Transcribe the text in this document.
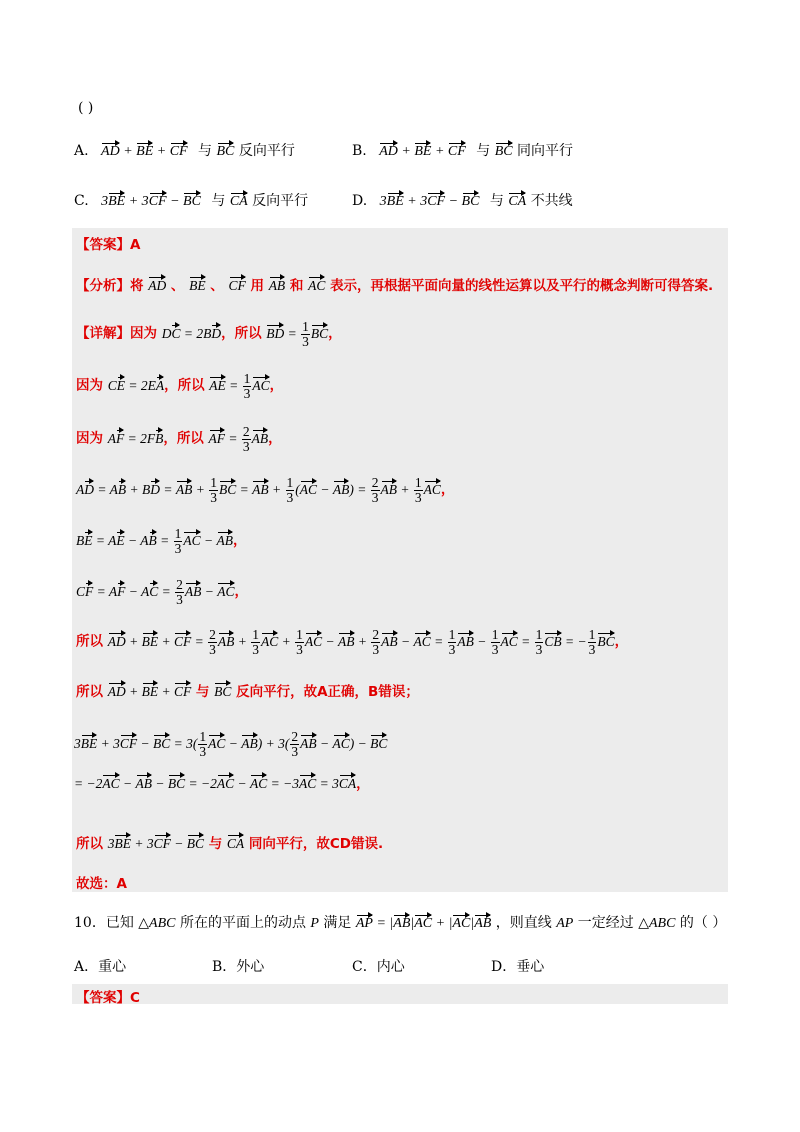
( )
A. AD + BE + CF 与 BC 反向平行	B. AD + BE + CF 与 BC 同向平行
C. 3BE + 3CF − BC 与 CA 反向平行	D. 3BE + 3CF − BC 与 CA 不共线
【答案】A
【分析】将 AD 、 BE 、 CF 用 AB 和 AC 表示，再根据平面向量的线性运算以及平行的概念判断可得答案.
【详解】因为 DC = 2BD，所以 BD = $\frac{1}{3}$ BC，
因为 CE = 2EA，所以 AE = $\frac{1}{3}$ AC，
因为 AF = 2FB，所以 AF = $\frac{2}{3}$ AB，
AD = AB + BD = AB + $\frac{1}{3}$ BC = AB + $\frac{1}{3} (AC - AB) = \frac{2}{3}$ AB + $\frac{1}{3}$ AC，
BE = AE − AB = $\frac{1}{3}$ AC − AB，
CF = AF − AC = $\frac{2}{3}$ AB − AC，
所以 AD + BE + CF = $\frac{2}{3}$ AB + $\frac{1}{3}$ AC + $\frac{1}{3}$ AC − AB + $\frac{2}{3}$ AB − AC = $\frac{1}{3}$ AB − $\frac{1}{3}$ AC = $\frac{1}{3}$ CB = − $\frac{1}{3}$ BC，
所以 AD + BE + CF 与 BC 反向平行，故A正确，B错误；
3BE + 3CF − BC = $3( \frac{1}{3}$ AC − $AB) + 3( \frac{2}{3}$ AB − AC) − BC
= −2AC − AB − BC = −2AC − AC = −3AC = 3CA，
所以 3BE + 3CF − BC 与 CA 同向平行，故CD错误.
故选：A
10．已知 △ABC 所在的平面上的动点 P 满足 AP = |AB|AC + |AC|AB ，则直线 AP 一定经过 △ABC 的（ ）
A．重心	B．外心	C．内心	D．垂心
【答案】C
